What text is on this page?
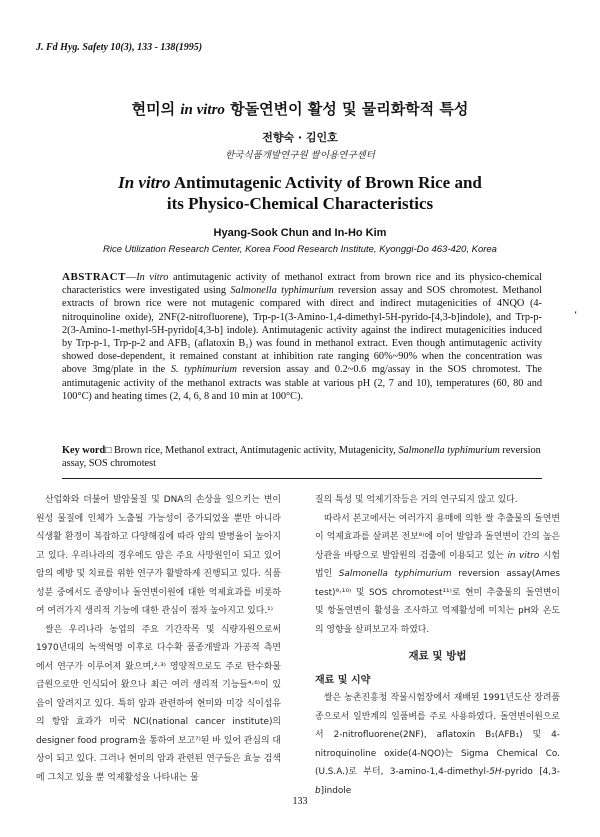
J. Fd Hyg. Safety 10(3), 133 - 138(1995)
현미의 in vitro 항돌연변이 활성 및 물리화학적 특성
전향숙 · 김인호
한국식품개발연구원 쌀이용연구센터
In vitro Antimutagenic Activity of Brown Rice and
its Physico-Chemical Characteristics
Hyang-Sook Chun and In-Ho Kim
Rice Utilization Research Center, Korea Food Research Institute, Kyonggi-Do 463-420, Korea
ABSTRACT—In vitro antimutagenic activity of methanol extract from brown rice and its physico-chemical characteristics were investigated using Salmonella typhimurium reversion assay and SOS chromotest. Methanol extracts of brown rice were not mutagenic compared with direct and indirect mutagenicities of 4NQO (4-nitroquinoline oxide), 2NF(2-nitrofluorene), Trp-p-1(3-Amino-1,4-dimethyl-5H-pyrido-[4,3-b]indole), and Trp-p-2(3-Amino-1-methyl-5H-pyrido[4,3-b] indole). Antimutagenic activity against the indirect mutagenicities induced by Trp-p-1, Trp-p-2 and AFB₁ (aflatoxin B₁) was found in methanol extract. Even though antimutagenic activity showed dose-dependent, it remained constant at inhibition rate ranging 60%~90% when the concentration was above 3mg/plate in the S. typhimurium reversion assay and 0.2~0.6 mg/assay in the SOS chromotest. The antimutagenic activity of the methanol extracts was stable at various pH (2, 7 and 10), temperatures (60, 80 and 100°C) and heating times (2, 4, 6, 8 and 10 min at 100°C).
Key word□ Brown rice, Methanol extract, Antimutagenic activity, Mutagenicity, Salmonella typhimurium reversion assay, SOS chromotest

산업화와 더불어 발암물질 및 DNA의 손상을 일으키는 변이원성 물질에 인체가 노출될 가능성이 증가되었을 뿐만 아니라 식생활 환경이 복잡하고 다양해짐에 따라 암의 발병율이 높아지고 있다. 우리나라의 경우에도 암은 주요 사망원인이 되고 있어 암의 예방 및 치료를 위한 연구가 활발하게 진행되고 있다. 식품성분 중에서도 종양이나 돌연변이원에 대한 억제효과를 비롯하여 여러가지 생리적 기능에 대한 관심이 점차 높아지고 있다.¹⁾

쌀은 우리나라 농업의 주요 기간작목 및 식량자원으로써 1970년대의 녹색혁명 이후로 다수확 품종개발과 가공적 측면에서 연구가 이루어져 왔으며,²·³⁾ 영양적으로도 주로 탄수화물 급원으로만 인식되어 왔으나 최근 여러 생리적 기능들⁴·⁶⁾이 있음이 알려지고 있다. 특히 암과 관련하여 현미와 미강 식이섬유의 항암 효과가 미국 NCI(national cancer institute)의 designer food program을 통하여 보고⁷⁾된 바 있어 관심의 대상이 되고 있다. 그러나 현미의 암과 관련된 연구들은 효능 검색에 그치고 있을 뿐 억제활성을 나타내는 물

질의 특성 및 억제기작등은 거의 연구되지 않고 있다.

따라서 본고에서는 여러가지 용매에 의한 쌀 추출물의 돌연변이 억제효과를 살펴본 전보⁸⁾에 이어 발암과 돌연변이 간의 높은 상관을 바탕으로 발암원의 검출에 이용되고 있는 in vitro 시험법인 Salmonella typhimurium reversion assay(Ames test)⁹·¹⁰⁾ 및 SOS chromotest¹¹⁾로 현미 추출물의 돌연변이 및 항돌연변이 활성을 조사하고 억제활성에 미치는 pH와 온도의 영향을 살펴보고자 하였다.

재료 및 방법
재료 및 시약

쌀은 농촌진흥청 작물시험장에서 재배된 1991년도산 장려품종으로서 일반계의 일품벼를 주로 사용하였다. 돌연변이원으로서 2-nitrofluorene(2NF), aflatoxin B₁(AFB₁) 및 4-nitroquinoline oxide(4-NQO)는 Sigma Chemical Co.(U.S.A.)로 부터, 3-amino-1,4-dimethyl-5H-pyrido [4,3-b]indole

‘
133
